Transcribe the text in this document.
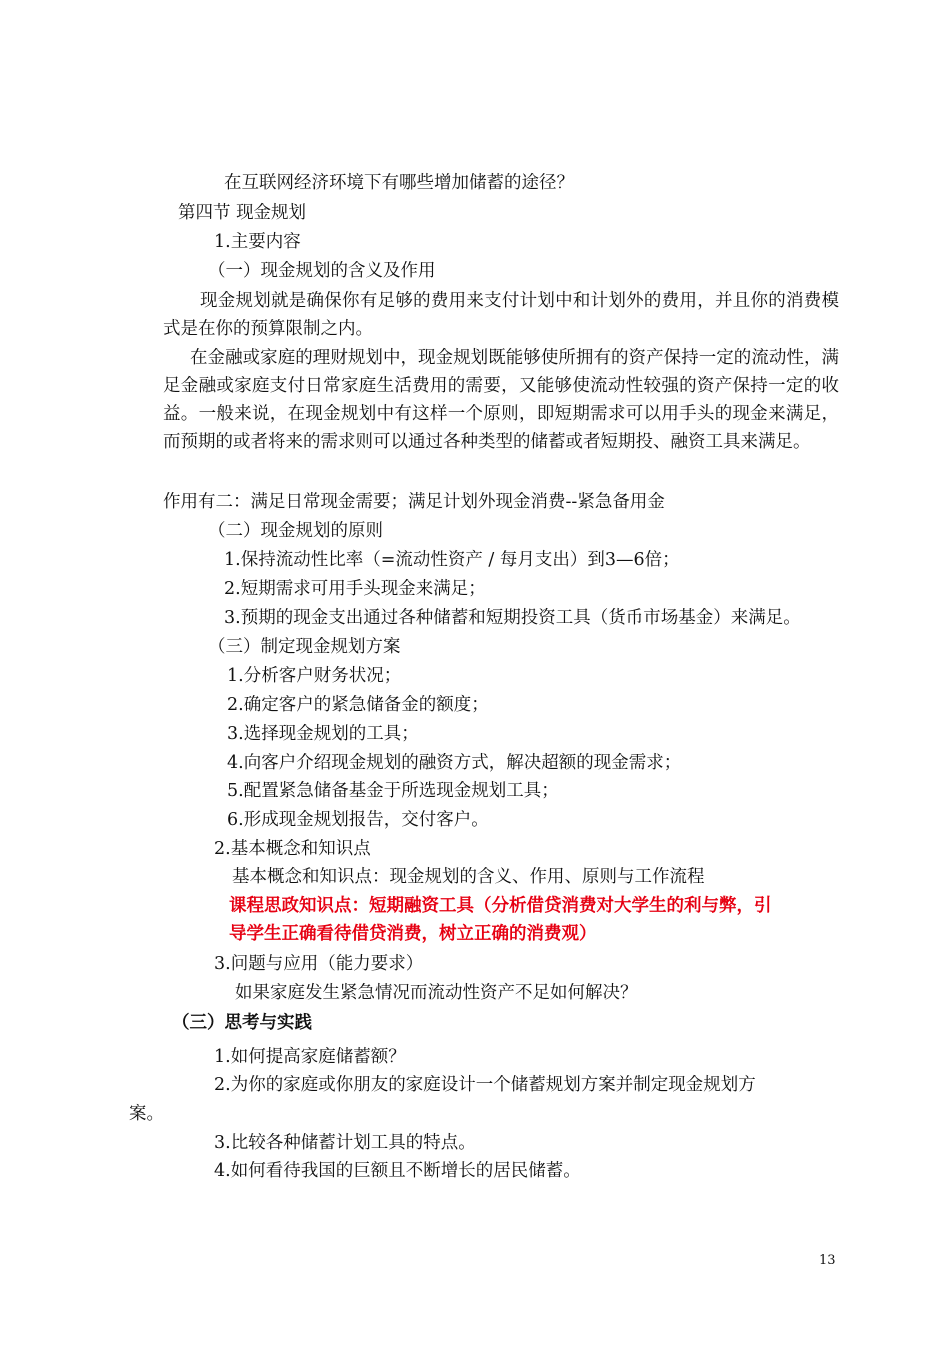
在互联网经济环境下有哪些增加储蓄的途径？
第四节 现金规划
1.主要内容
（一）现金规划的含义及作用
现金规划就是确保你有足够的费用来支付计划中和计划外的费用，并且你的消费模式是在你的预算限制之内。
在金融或家庭的理财规划中，现金规划既能够使所拥有的资产保持一定的流动性，满足金融或家庭支付日常家庭生活费用的需要，又能够使流动性较强的资产保持一定的收益。一般来说，在现金规划中有这样一个原则，即短期需求可以用手头的现金来满足，而预期的或者将来的需求则可以通过各种类型的储蓄或者短期投、融资工具来满足。
作用有二：满足日常现金需要；满足计划外现金消费--紧急备用金
（二）现金规划的原则
1.保持流动性比率（=流动性资产 / 每月支出）到3—6倍；
2.短期需求可用手头现金来满足；
3.预期的现金支出通过各种储蓄和短期投资工具（货币市场基金）来满足。
（三）制定现金规划方案
1.分析客户财务状况；
2.确定客户的紧急储备金的额度；
3.选择现金规划的工具；
4.向客户介绍现金规划的融资方式，解决超额的现金需求；
5.配置紧急储备基金于所选现金规划工具；
6.形成现金规划报告，交付客户。
2.基本概念和知识点
基本概念和知识点：现金规划的含义、作用、原则与工作流程
课程思政知识点：短期融资工具（分析借贷消费对大学生的利与弊，引
导学生正确看待借贷消费，树立正确的消费观）
3.问题与应用（能力要求）
如果家庭发生紧急情况而流动性资产不足如何解决？
（三）思考与实践
1.如何提高家庭储蓄额？
2.为你的家庭或你朋友的家庭设计一个储蓄规划方案并制定现金规划方
案。
3.比较各种储蓄计划工具的特点。
4.如何看待我国的巨额且不断增长的居民储蓄。
13
